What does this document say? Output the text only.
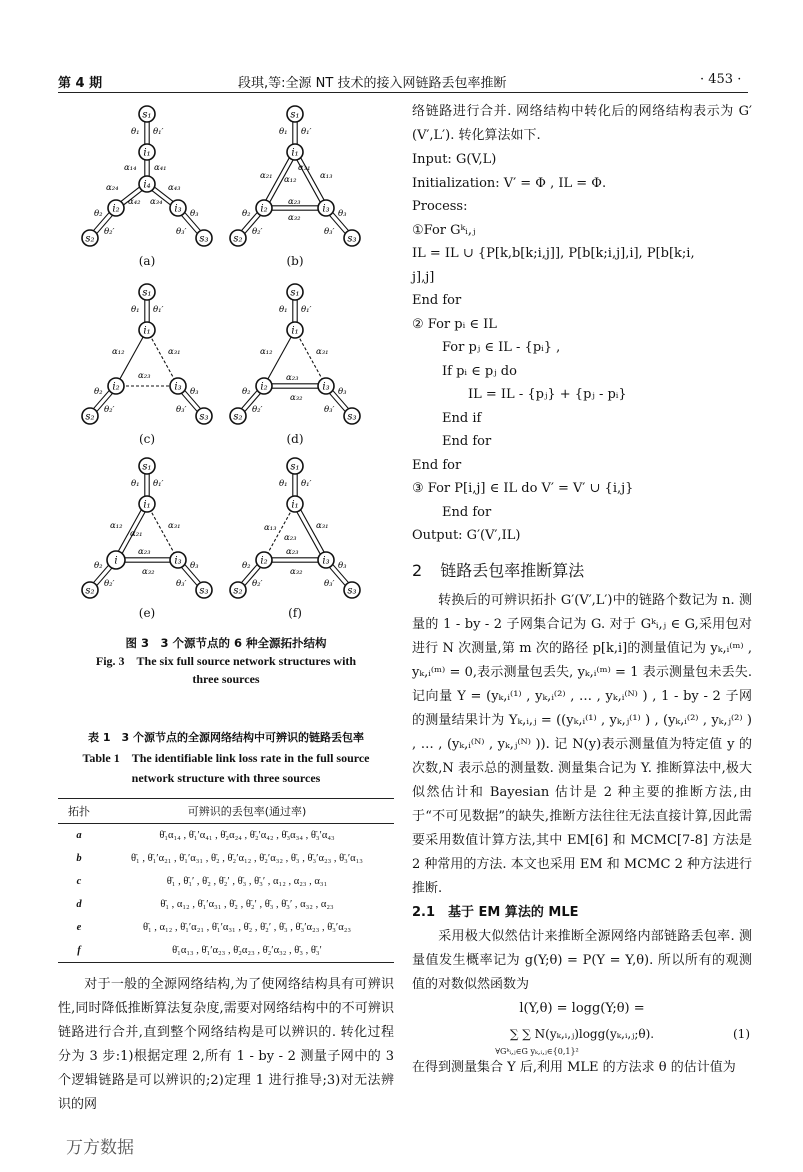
第 4 期	段琪,等:全源 NT 技术的接入网链路丢包率推断	· 453 ·
θ₁ θ₁′
θ₂
θ₂′
θ₃
θ₃′
α₁₄ α₄₁
α₂₄	α₄₃
α₄₂ α₃₄
s₁
s₂	s₃
i₁
i₂	i₃
i₄
θ₁ θ₁′
θ₂
θ₂′
θ₃
θ₃′
α₂₁	α₁₃
α₁₂
α₃₁
α₂₃
α₃₂
s₁
s₂	s₃
i₁
i₂	i₃
(a)	(b)
θ₁ θ₁′
θ₂
θ₂′
θ₃
θ₃′
α₁₂	α₃₁
α₂₃
s₁
s₂	s₃
i₁
i₂	i₃
θ₁ θ₁′
θ₂
θ₂′
θ₃
θ₃′
α₁₂	α₃₁
α₂₃
α₃₂
s₁
s₂	s₃
i₁
i₂	i₃
(c)	(d)
θ₁ θ₁′
θ₂
θ₂′
θ₃
θ₃′
α₁₂
α₂₁
α₃₁
α₂₃
α₃₂
s₁
s₂	s₃
i₁
i	i₃
θ₁ θ₁′
θ₂
θ₂′
θ₃
θ₃′
α₁₃
α₂₃
α₃₁
α₂₃
α₃₂
s₁
s₂	s₃
i₁
i₂	i₃
(e)	(f)
图 3　3 个源节点的 6 种全源拓扑结构
Fig. 3　The six full source network structures with
three sources
表 1　3 个源节点的全源网络结构中可辨识的链路丢包率
Table 1　The identifiable link loss rate in the full source
network structure with three sources
拓扑	可辨识的丢包率(通过率)
a	θ̄₁α₁₄ , θ̄₁′α₄₁ , θ̄₂α₂₄ , θ̄₂′α₄₂ , θ̄₃α₃₄ , θ̄₃′α₄₃
b	θ̄₁ , θ̄₁′α₂₁ , θ̄₁′α₃₁ , θ̄₂ , θ̄₂′α₁₂ , θ̄₂′α₃₂ , θ̄₃ , θ̄₃′α₂₃ , θ̄₃′α₁₃
c	θ̄₁ , θ̄₁′ , θ̄₂ , θ̄₂′ , θ̄₃ , θ̄₃′ , α₁₂ , α₂₃ , α₃₁
d	θ̄₁ , α₁₂ , θ̄₁′α₃₁ , θ̄₂ , θ̄₂′ , θ̄₃ , θ̄₃′ , α₃₂ , α₂₃
e	θ̄₁ , α₁₂ , θ̄₁′α₂₁ , θ̄₁′α₃₁ , θ̄₂ , θ̄₂′ , θ̄₃ , θ̄₃′α₂₃ , θ̄₃′α₂₃
f	θ̄₁α₁₃ , θ̄₁′α₂₃ , θ̄₂α₂₃ , θ̄₂′α₃₂ , θ̄₃ , θ̄₃′
对于一般的全源网络结构,为了使网络结构具有可辨识性,同时降低推断算法复杂度,需要对网络结构中的不可辨识链路进行合并,直到整个网络结构是可以辨识的. 转化过程分为 3 步:1)根据定理 2,所有 1 - by - 2 测量子网中的 3 个逻辑链路是可以辨识的;2)定理 1 进行推导;3)对无法辨识的网
络链路进行合并. 网络结构中转化后的网络结构表示为 G′(V′,L′). 转化算法如下.
Input: G(V,L)
Initialization: V′ = Φ , IL = Φ.
Process:
①For Gᵏᵢ,ⱼ
IL = IL ∪ {P[k,b[k;i,j]], P[b[k;i,j],i], P[b[k;i,
j],j]
End for
② For pᵢ ∈ IL
For pⱼ ∈ IL - {pᵢ} ,
If pᵢ ∈ pⱼ do
　　IL = IL - {pⱼ} + {pⱼ - pᵢ}
End if
End for
End for
③ For P[i,j] ∈ IL do V′ = V′ ∪ {i,j}
End for
Output: G′(V′,IL)
2 链路丢包率推断算法
转换后的可辨识拓扑 G′(V′,L′)中的链路个数记为 n. 测量的 1 - by - 2 子网集合记为 G. 对于 Gᵏᵢ,ⱼ ∈ G,采用包对进行 N 次测量,第 m 次的路径 p[k,i]的测量值记为 yₖ,ᵢ⁽ᵐ⁾ , yₖ,ᵢ⁽ᵐ⁾ = 0,表示测量包丢失, yₖ,ᵢ⁽ᵐ⁾ = 1 表示测量包未丢失. 记向量 Y = (yₖ,ᵢ⁽¹⁾ , yₖ,ᵢ⁽²⁾ , … , yₖ,ᵢ⁽ᴺ⁾ ) , 1 - by - 2 子网的测量结果计为 Yₖ,ᵢ,ⱼ = ((yₖ,ᵢ⁽¹⁾ , yₖ,ⱼ⁽¹⁾ ) , (yₖ,ᵢ⁽²⁾ , yₖ,ⱼ⁽²⁾ ) , … , (yₖ,ᵢ⁽ᴺ⁾ , yₖ,ⱼ⁽ᴺ⁾ )). 记 N(y)表示测量值为特定值 y 的次数,N 表示总的测量数. 测量集合记为 Y. 推断算法中,极大似然估计和 Bayesian 估计是 2 种主要的推断方法,由于“不可见数据”的缺失,推断方法往往无法直接计算,因此需要采用数值计算方法,其中 EM[6] 和 MCMC[7-8] 方法是 2 种常用的方法. 本文也采用 EM 和 MCMC 2 种方法进行推断.
2.1　基于 EM 算法的 MLE
采用极大似然估计来推断全源网络内部链路丢包率. 测量值发生概率记为 g(Y;θ) = P(Y = Y,θ). 所以所有的观测值的对数似然函数为
l(Y,θ) = logg(Y;θ) =
∑ ∑ N(yₖ,ᵢ,ⱼ)logg(yₖ,ᵢ,ⱼ;θ).	(1)
∀Gᵏᵢ,ⱼ∈G yₖ,ᵢ,ⱼ∈{0,1}²
在得到测量集合 Y 后,利用 MLE 的方法求 θ 的估计值为
万方数据
